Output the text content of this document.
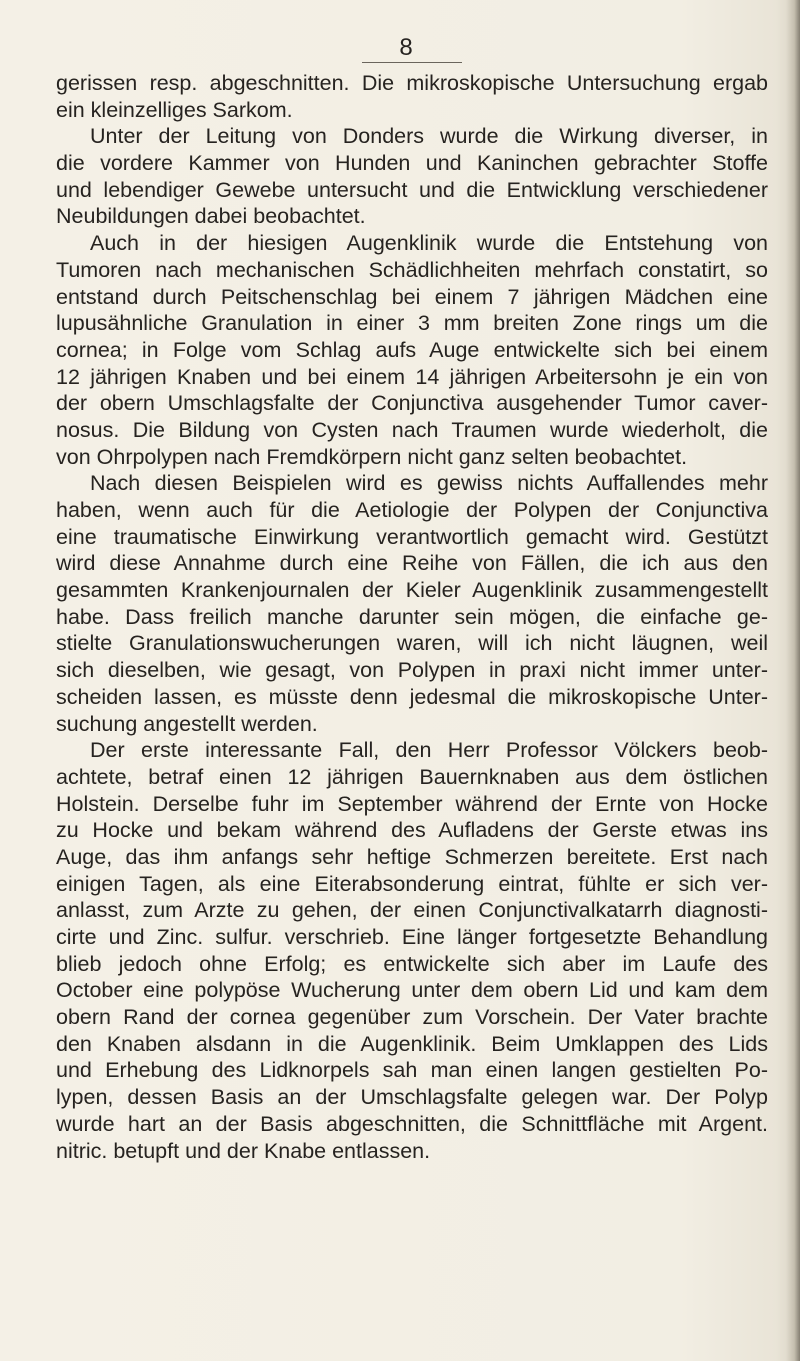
8
gerissen resp. abgeschnitten. Die mikroskopische Untersuchung ergab
ein kleinzelliges Sarkom.
Unter der Leitung von Donders wurde die Wirkung diverser, in
die vordere Kammer von Hunden und Kaninchen gebrachter Stoffe
und lebendiger Gewebe untersucht und die Entwicklung verschiedener
Neubildungen dabei beobachtet.
Auch in der hiesigen Augenklinik wurde die Entstehung von
Tumoren nach mechanischen Schädlichheiten mehrfach constatirt, so
entstand durch Peitschenschlag bei einem 7 jährigen Mädchen eine
lupusähnliche Granulation in einer 3 mm breiten Zone rings um die
cornea; in Folge vom Schlag aufs Auge entwickelte sich bei einem
12 jährigen Knaben und bei einem 14 jährigen Arbeitersohn je ein von
der obern Umschlagsfalte der Conjunctiva ausgehender Tumor caver-
nosus. Die Bildung von Cysten nach Traumen wurde wiederholt, die
von Ohrpolypen nach Fremdkörpern nicht ganz selten beobachtet.
Nach diesen Beispielen wird es gewiss nichts Auffallendes mehr
haben, wenn auch für die Aetiologie der Polypen der Conjunctiva
eine traumatische Einwirkung verantwortlich gemacht wird. Gestützt
wird diese Annahme durch eine Reihe von Fällen, die ich aus den
gesammten Krankenjournalen der Kieler Augenklinik zusammengestellt
habe. Dass freilich manche darunter sein mögen, die einfache ge-
stielte Granulationswucherungen waren, will ich nicht läugnen, weil
sich dieselben, wie gesagt, von Polypen in praxi nicht immer unter-
scheiden lassen, es müsste denn jedesmal die mikroskopische Unter-
suchung angestellt werden.
Der erste interessante Fall, den Herr Professor Völckers beob-
achtete, betraf einen 12 jährigen Bauernknaben aus dem östlichen
Holstein. Derselbe fuhr im September während der Ernte von Hocke
zu Hocke und bekam während des Aufladens der Gerste etwas ins
Auge, das ihm anfangs sehr heftige Schmerzen bereitete. Erst nach
einigen Tagen, als eine Eiterabsonderung eintrat, fühlte er sich ver-
anlasst, zum Arzte zu gehen, der einen Conjunctivalkatarrh diagnosti-
cirte und Zinc. sulfur. verschrieb. Eine länger fortgesetzte Behandlung
blieb jedoch ohne Erfolg; es entwickelte sich aber im Laufe des
October eine polypöse Wucherung unter dem obern Lid und kam dem
obern Rand der cornea gegenüber zum Vorschein. Der Vater brachte
den Knaben alsdann in die Augenklinik. Beim Umklappen des Lids
und Erhebung des Lidknorpels sah man einen langen gestielten Po-
lypen, dessen Basis an der Umschlagsfalte gelegen war. Der Polyp
wurde hart an der Basis abgeschnitten, die Schnittfläche mit Argent.
nitric. betupft und der Knabe entlassen.
